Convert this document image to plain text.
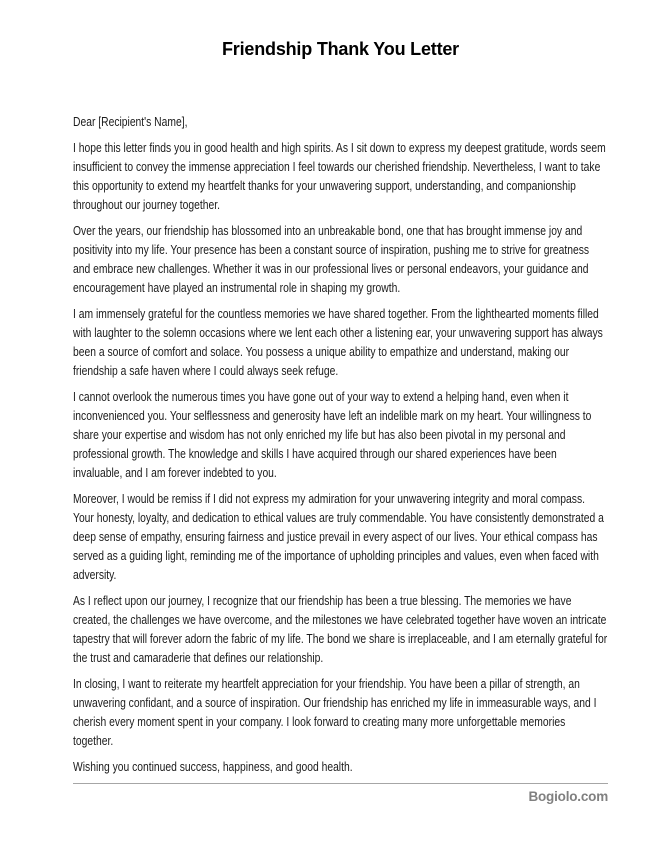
Friendship Thank You Letter

Dear [Recipient's Name],

I hope this letter finds you in good health and high spirits. As I sit down to express my deepest gratitude, words seem insufficient to convey the immense appreciation I feel towards our cherished friendship. Nevertheless, I want to take this opportunity to extend my heartfelt thanks for your unwavering support, understanding, and companionship throughout our journey together.

Over the years, our friendship has blossomed into an unbreakable bond, one that has brought immense joy and positivity into my life. Your presence has been a constant source of inspiration, pushing me to strive for greatness and embrace new challenges. Whether it was in our professional lives or personal endeavors, your guidance and encouragement have played an instrumental role in shaping my growth.

I am immensely grateful for the countless memories we have shared together. From the lighthearted moments filled with laughter to the solemn occasions where we lent each other a listening ear, your unwavering support has always been a source of comfort and solace. You possess a unique ability to empathize and understand, making our friendship a safe haven where I could always seek refuge.

I cannot overlook the numerous times you have gone out of your way to extend a helping hand, even when it inconvenienced you. Your selflessness and generosity have left an indelible mark on my heart. Your willingness to share your expertise and wisdom has not only enriched my life but has also been pivotal in my personal and professional growth. The knowledge and skills I have acquired through our shared experiences have been invaluable, and I am forever indebted to you.

Moreover, I would be remiss if I did not express my admiration for your unwavering integrity and moral compass. Your honesty, loyalty, and dedication to ethical values are truly commendable. You have consistently demonstrated a deep sense of empathy, ensuring fairness and justice prevail in every aspect of our lives. Your ethical compass has served as a guiding light, reminding me of the importance of upholding principles and values, even when faced with adversity.

As I reflect upon our journey, I recognize that our friendship has been a true blessing. The memories we have created, the challenges we have overcome, and the milestones we have celebrated together have woven an intricate tapestry that will forever adorn the fabric of my life. The bond we share is irreplaceable, and I am eternally grateful for the trust and camaraderie that defines our relationship.

In closing, I want to reiterate my heartfelt appreciation for your friendship. You have been a pillar of strength, an unwavering confidant, and a source of inspiration. Our friendship has enriched my life in immeasurable ways, and I cherish every moment spent in your company. I look forward to creating many more unforgettable memories together.

Wishing you continued success, happiness, and good health.

Bogiolo.com
